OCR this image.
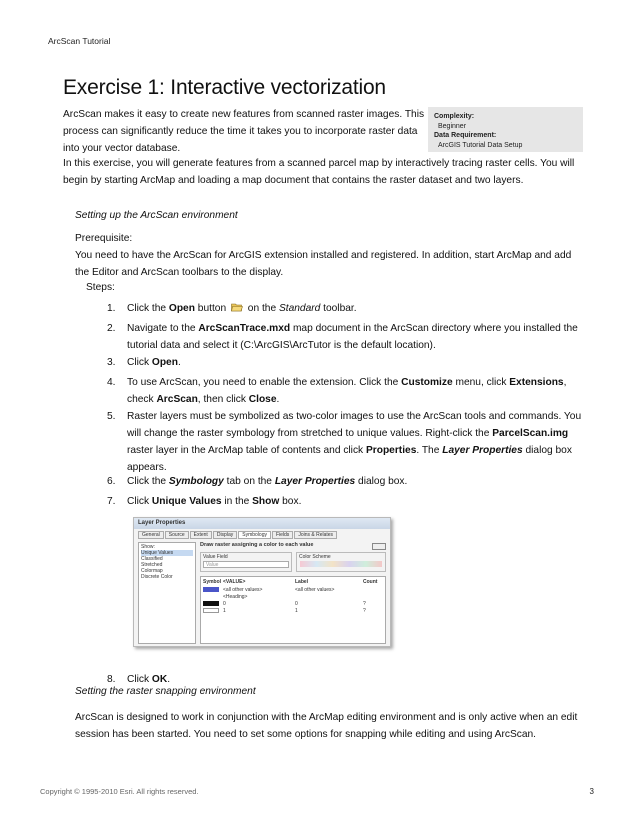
ArcScan Tutorial
Exercise 1: Interactive vectorization
ArcScan makes it easy to create new features from scanned raster images. This process can significantly reduce the time it takes you to incorporate raster data into your vector database.
Complexity:
Beginner
Data Requirement:
ArcGIS Tutorial Data Setup
In this exercise, you will generate features from a scanned parcel map by interactively tracing raster cells. You will begin by starting ArcMap and loading a map document that contains the raster dataset and two layers.
Setting up the ArcScan environment
Prerequisite:
You need to have the ArcScan for ArcGIS extension installed and registered. In addition, start ArcMap and add the Editor and ArcScan toolbars to the display.
Steps:
1. Click the Open button  on the Standard toolbar.
2. Navigate to the ArcScanTrace.mxd map document in the ArcScan directory where you installed the tutorial data and select it (C:\ArcGIS\ArcTutor is the default location).
3. Click Open.
4. To use ArcScan, you need to enable the extension. Click the Customize menu, click Extensions, check ArcScan, then click Close.
5. Raster layers must be symbolized as two-color images to use the ArcScan tools and commands. You will change the raster symbology from stretched to unique values. Right-click the ParcelScan.img raster layer in the ArcMap table of contents and click Properties. The Layer Properties dialog box appears.
6. Click the Symbology tab on the Layer Properties dialog box.
7. Click Unique Values in the Show box.
8. Click OK.
Layer Properties
General	Source	Extent	Display	Symbology	Fields	Joins & Relates
Show:
Unique Values
Classified
Stretched
Colormap
Discrete Color
Draw raster assigning a color to each value
Value Field
Value
Color Scheme
Symbol <VALUE>	Label	Count
<all other values>	<all other values>
<Heading>
0	0	?
1	1	?
Setting the raster snapping environment
ArcScan is designed to work in conjunction with the ArcMap editing environment and is only active when an edit session has been started. You need to set some options for snapping while editing and using ArcScan.
Copyright © 1995-2010 Esri. All rights reserved.	3
